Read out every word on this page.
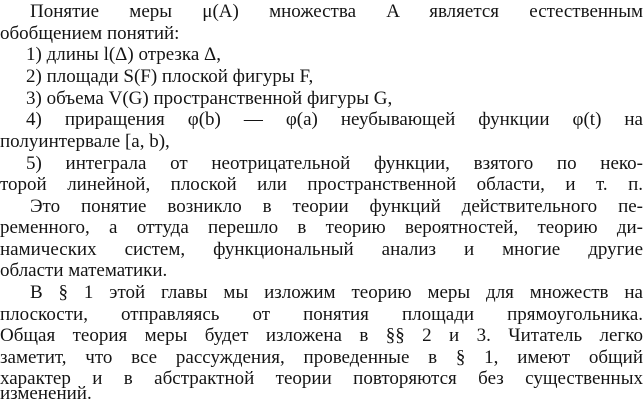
Понятие меры μ(A) множества A является естественным
обобщением понятий:
1) длины l(Δ) отрезка Δ,
2) площади S(F) плоской фигуры F,
3) объема V(G) пространственной фигуры G,
4) приращения φ(b) — φ(a) неубывающей функции φ(t) на
полуинтервале [a, b),
5) интеграла от неотрицательной функции, взятого по неко-
торой линейной, плоской или пространственной области, и т. п.
Это понятие возникло в теории функций действительного пе-
ременного, а оттуда перешло в теорию вероятностей, теорию ди-
намических систем, функциональный анализ и многие другие
области математики.
В § 1 этой главы мы изложим теорию меры для множеств на
плоскости, отправляясь от понятия площади прямоугольника.
Общая теория меры будет изложена в §§ 2 и 3. Читатель легко
заметит, что все рассуждения, проведенные в § 1, имеют общий
характер и в абстрактной теории повторяются без существенных
изменений.
